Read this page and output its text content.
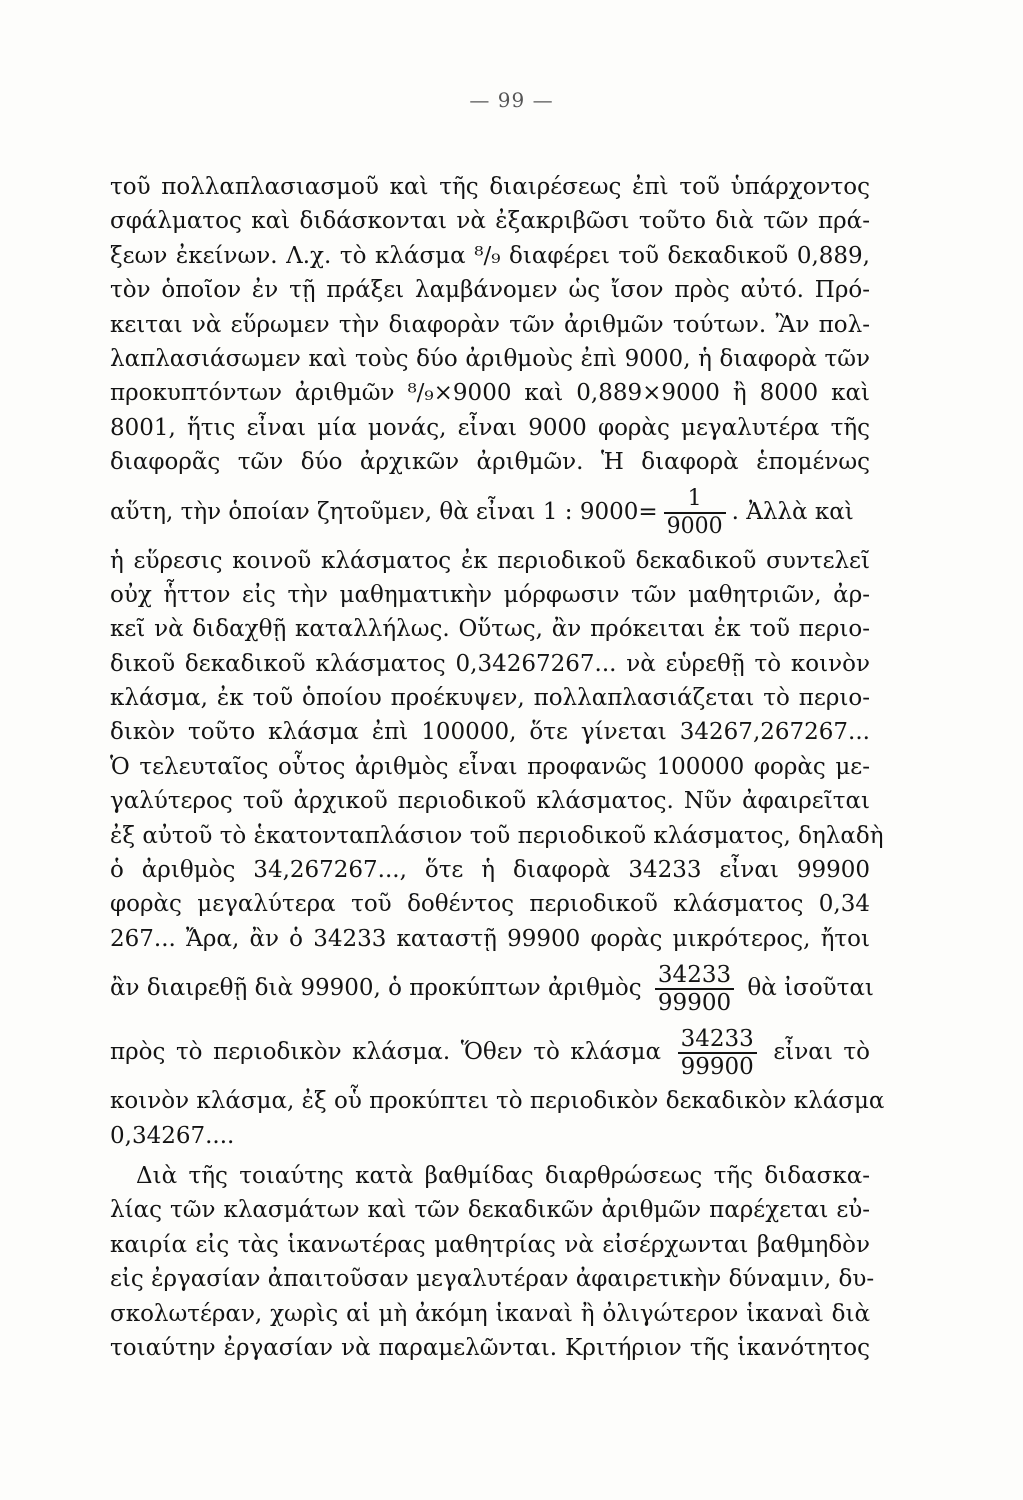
— 99 —
τοῦ πολλαπλασιασμοῦ καὶ τῆς διαιρέσεως ἐπὶ τοῦ ὑπάρχοντος
σφάλματος καὶ διδάσκονται νὰ ἐξακριβῶσι τοῦτο διὰ τῶν πρά-
ξεων ἐκείνων. Λ.χ. τὸ κλάσμα ⁸/₉ διαφέρει τοῦ δεκαδικοῦ 0,889,
τὸν ὁποῖον ἐν τῇ πράξει λαμβάνομεν ὡς ἴσον πρὸς αὐτό. Πρό-
κειται νὰ εὕρωμεν τὴν διαφορὰν τῶν ἀριθμῶν τούτων. Ἂν πολ-
λαπλασιάσωμεν καὶ τοὺς δύο ἀριθμοὺς ἐπὶ 9000, ἡ διαφορὰ τῶν
προκυπτόντων ἀριθμῶν ⁸/₉×9000 καὶ 0,889×9000 ἢ 8000 καὶ
8001, ἥτις εἶναι μία μονάς, εἶναι 9000 φορὰς μεγαλυτέρα τῆς
διαφορᾶς τῶν δύο ἀρχικῶν ἀριθμῶν. Ἡ διαφορὰ ἑπομένως
αὕτη, τὴν ὁποίαν ζητοῦμεν, θὰ εἶναι 1 : $9000= \frac{1}{9000}$ . Ἀλλὰ καὶ
ἡ εὕρεσις κοινοῦ κλάσματος ἐκ περιοδικοῦ δεκαδικοῦ συντελεῖ
οὐχ ἧττον εἰς τὴν μαθηματικὴν μόρφωσιν τῶν μαθητριῶν, ἀρ-
κεῖ νὰ διδαχθῇ καταλλήλως. Οὕτως, ἂν πρόκειται ἐκ τοῦ περιο-
δικοῦ δεκαδικοῦ κλάσματος 0,34267267... νὰ εὑρεθῇ τὸ κοινὸν
κλάσμα, ἐκ τοῦ ὁποίου προέκυψεν, πολλαπλασιάζεται τὸ περιο-
δικὸν τοῦτο κλάσμα ἐπὶ 100000, ὅτε γίνεται 34267,267267...
Ὁ τελευταῖος οὗτος ἀριθμὸς εἶναι προφανῶς 100000 φορὰς με-
γαλύτερος τοῦ ἀρχικοῦ περιοδικοῦ κλάσματος. Νῦν ἀφαιρεῖται
ἐξ αὐτοῦ τὸ ἑκατονταπλάσιον τοῦ περιοδικοῦ κλάσματος, δηλαδὴ
ὁ ἀριθμὸς 34,267267..., ὅτε ἡ διαφορὰ 34233 εἶναι 99900
φορὰς μεγαλύτερα τοῦ δοθέντος περιοδικοῦ κλάσματος 0,34
267... Ἄρα, ἂν ὁ 34233 καταστῇ 99900 φορὰς μικρότερος, ἤτοι
ἂν διαιρεθῇ διὰ 99900, ὁ προκύπτων ἀριθμὸς $\frac{34233}{99900}$ θὰ ἰσοῦται
πρὸς τὸ περιοδικὸν κλάσμα. Ὅθεν τὸ κλάσμα $\frac{34233}{99900}$ εἶναι τὸ
κοινὸν κλάσμα, ἐξ οὗ προκύπτει τὸ περιοδικὸν δεκαδικὸν κλάσμα
0,34267....
Διὰ τῆς τοιαύτης κατὰ βαθμίδας διαρθρώσεως τῆς διδασκα-
λίας τῶν κλασμάτων καὶ τῶν δεκαδικῶν ἀριθμῶν παρέχεται εὐ-
καιρία εἰς τὰς ἱκανωτέρας μαθητρίας νὰ εἰσέρχωνται βαθμηδὸν
εἰς ἐργασίαν ἀπαιτοῦσαν μεγαλυτέραν ἀφαιρετικὴν δύναμιν, δυ-
σκολωτέραν, χωρὶς αἱ μὴ ἀκόμη ἱκαναὶ ἢ ὀλιγώτερον ἱκαναὶ διὰ
τοιαύτην ἐργασίαν νὰ παραμελῶνται. Κριτήριον τῆς ἱκανότητος
